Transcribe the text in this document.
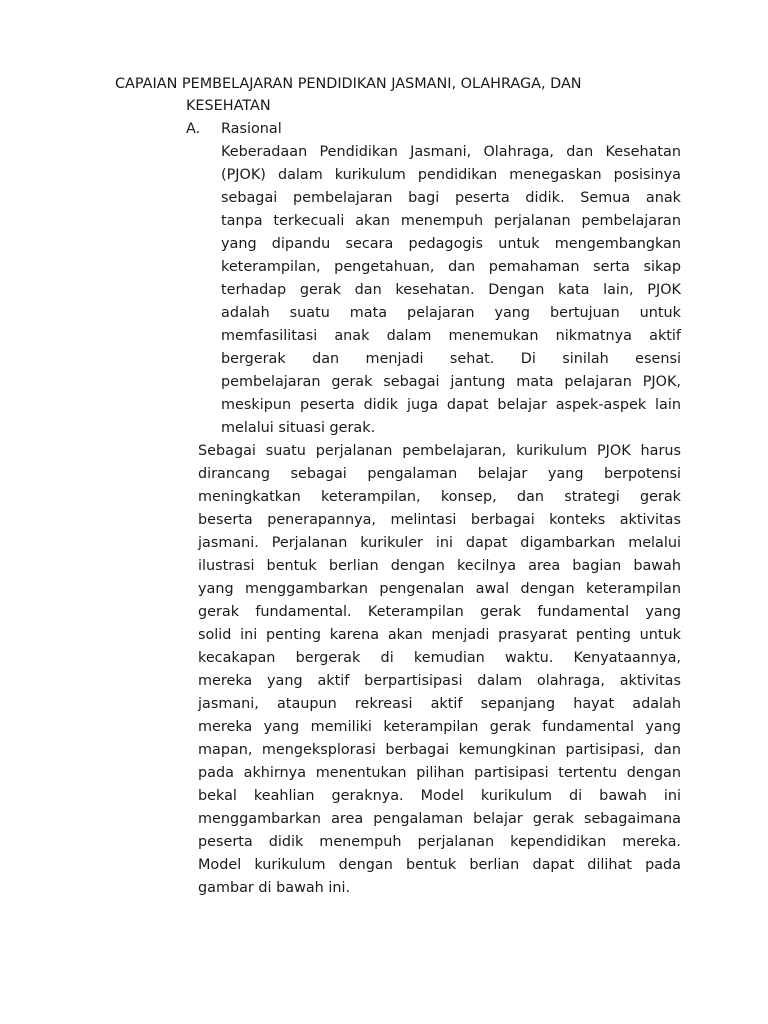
CAPAIAN PEMBELAJARAN PENDIDIKAN JASMANI, OLAHRAGA, DAN
KESEHATAN
A. Rasional
Keberadaan Pendidikan Jasmani, Olahraga, dan Kesehatan
(PJOK) dalam kurikulum pendidikan menegaskan posisinya
sebagai pembelajaran bagi peserta didik. Semua anak
tanpa terkecuali akan menempuh perjalanan pembelajaran
yang dipandu secara pedagogis untuk mengembangkan
keterampilan, pengetahuan, dan pemahaman serta sikap
terhadap gerak dan kesehatan. Dengan kata lain, PJOK
adalah suatu mata pelajaran yang bertujuan untuk
memfasilitasi anak dalam menemukan nikmatnya aktif
bergerak dan menjadi sehat. Di sinilah esensi
pembelajaran gerak sebagai jantung mata pelajaran PJOK,
meskipun peserta didik juga dapat belajar aspek-aspek lain
melalui situasi gerak.
Sebagai suatu perjalanan pembelajaran, kurikulum PJOK harus
dirancang sebagai pengalaman belajar yang berpotensi
meningkatkan keterampilan, konsep, dan strategi gerak
beserta penerapannya, melintasi berbagai konteks aktivitas
jasmani. Perjalanan kurikuler ini dapat digambarkan melalui
ilustrasi bentuk berlian dengan kecilnya area bagian bawah
yang menggambarkan pengenalan awal dengan keterampilan
gerak fundamental. Keterampilan gerak fundamental yang
solid ini penting karena akan menjadi prasyarat penting untuk
kecakapan bergerak di kemudian waktu. Kenyataannya,
mereka yang aktif berpartisipasi dalam olahraga, aktivitas
jasmani, ataupun rekreasi aktif sepanjang hayat adalah
mereka yang memiliki keterampilan gerak fundamental yang
mapan, mengeksplorasi berbagai kemungkinan partisipasi, dan
pada akhirnya menentukan pilihan partisipasi tertentu dengan
bekal keahlian geraknya. Model kurikulum di bawah ini
menggambarkan area pengalaman belajar gerak sebagaimana
peserta didik menempuh perjalanan kependidikan mereka.
Model kurikulum dengan bentuk berlian dapat dilihat pada
gambar di bawah ini.
